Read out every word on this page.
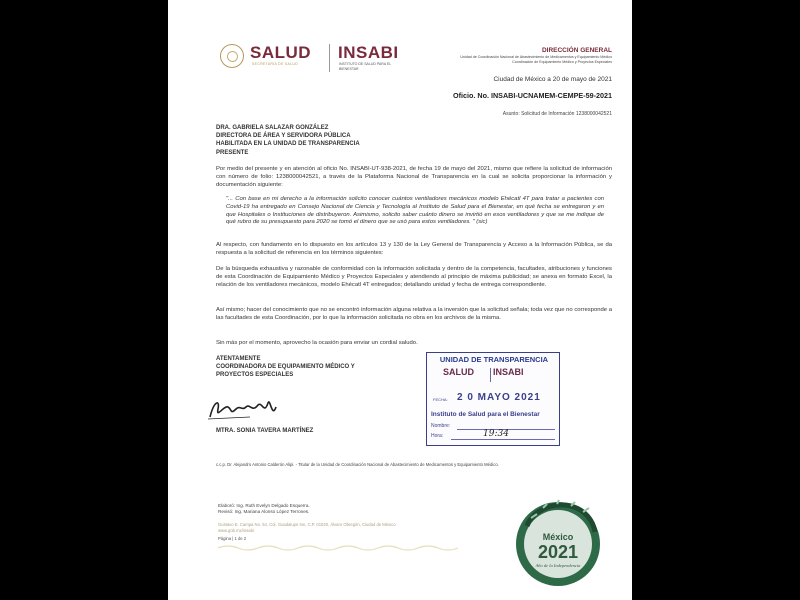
SALUD
SECRETARÍA DE SALUD
INSABI
INSTITUTO DE SALUD PARA EL BIENESTAR
DIRECCIÓN GENERAL
Unidad de Coordinación Nacional de Abastecimiento de Medicamentos y Equipamiento Médico
Coordinación de Equipamiento Médico y Proyectos Especiales
Ciudad de México a 20 de mayo de 2021
Oficio. No. INSABI-UCNAMEM-CEMPE-59-2021
Asunto: Solicitud de Información 1238000042521
DRA. GABRIELA SALAZAR GONZÁLEZ
DIRECTORA DE ÁREA Y SERVIDORA PÚBLICA
HABILITADA EN LA UNIDAD DE TRANSPARENCIA
PRESENTE
Por medio del presente y en atención al oficio No. INSABI-UT-938-2021, de fecha 19 de mayo del 2021, mismo que refiere la solicitud de información con número de folio: 1238000042521, a través de la Plataforma Nacional de Transparencia en la cual se solicita proporcionar la información y documentación siguiente:
"... Con base en mi derecho a la información solicito conocer cuántos ventiladores mecánicos modelo Ehécatl 4T para tratar a pacientes con Covid-19 ha entregado en Consejo Nacional de Ciencia y Tecnología al Instituto de Salud para el Bienestar, en qué fecha se entregaron y en que Hospitales o Instituciones de distribuyeron. Asimismo, solicito saber cuánto dinero se invirtió en esos ventiladores y que se me indique de qué rubro de su presupuesto para 2020 se tomó el dinero que se usó para estos ventiladores. " (sic)
Al respecto, con fundamento en lo dispuesto en los artículos 13 y 130 de la Ley General de Transparencia y Acceso a la Información Pública, se da respuesta a la solicitud de referencia en los términos siguientes:
De la búsqueda exhaustiva y razonable de conformidad con la información solicitada y dentro de la competencia, facultades, atribuciones y funciones de esta Coordinación de Equipamiento Médico y Proyectos Especiales y atendiendo al principio de máxima publicidad; se anexa en formato Excel, la relación de los ventiladores mecánicos, modelo Ehécatl 4T entregados; detallando unidad y fecha de entrega correspondiente.
Así mismo; hacer del conocimiento que no se encontró información alguna relativa a la inversión que la solicitud señala; toda vez que no corresponde a las facultades de esta Coordinación, por lo que la información solicitada no obra en los archivos de la misma.
Sin más por el momento, aprovecho la ocasión para enviar un cordial saludo.
ATENTAMENTE
COORDINADORA DE EQUIPAMIENTO MÉDICO Y
PROYECTOS ESPECIALES
MTRA. SONIA TAVERA MARTÍNEZ
UNIDAD DE TRANSPARENCIA
SALUD INSABI
FECHA: 2 0 MAYO 2021
Instituto de Salud para el Bienestar
Nombre:
Hora:	19:34
c.c.p. Dr. Alejandro Antonio Calderón Alipi. - Titular de la Unidad de Coordinación Nacional de Abastecimiento de Medicamentos y Equipamiento Médico.
Elaboró: Ing. Ruth Evelyn Delgado Esquerra.
Revisó: Ing. Mariana Alonso López Terrones.
Gustavo E. Campa No. 54, Col. Guadalupe Inn, C.P. 01020, Álvaro Obregón, Ciudad de México
www.gob.mx/insabi
Página | 1 de 2	México
2021
Año de la Independencia
